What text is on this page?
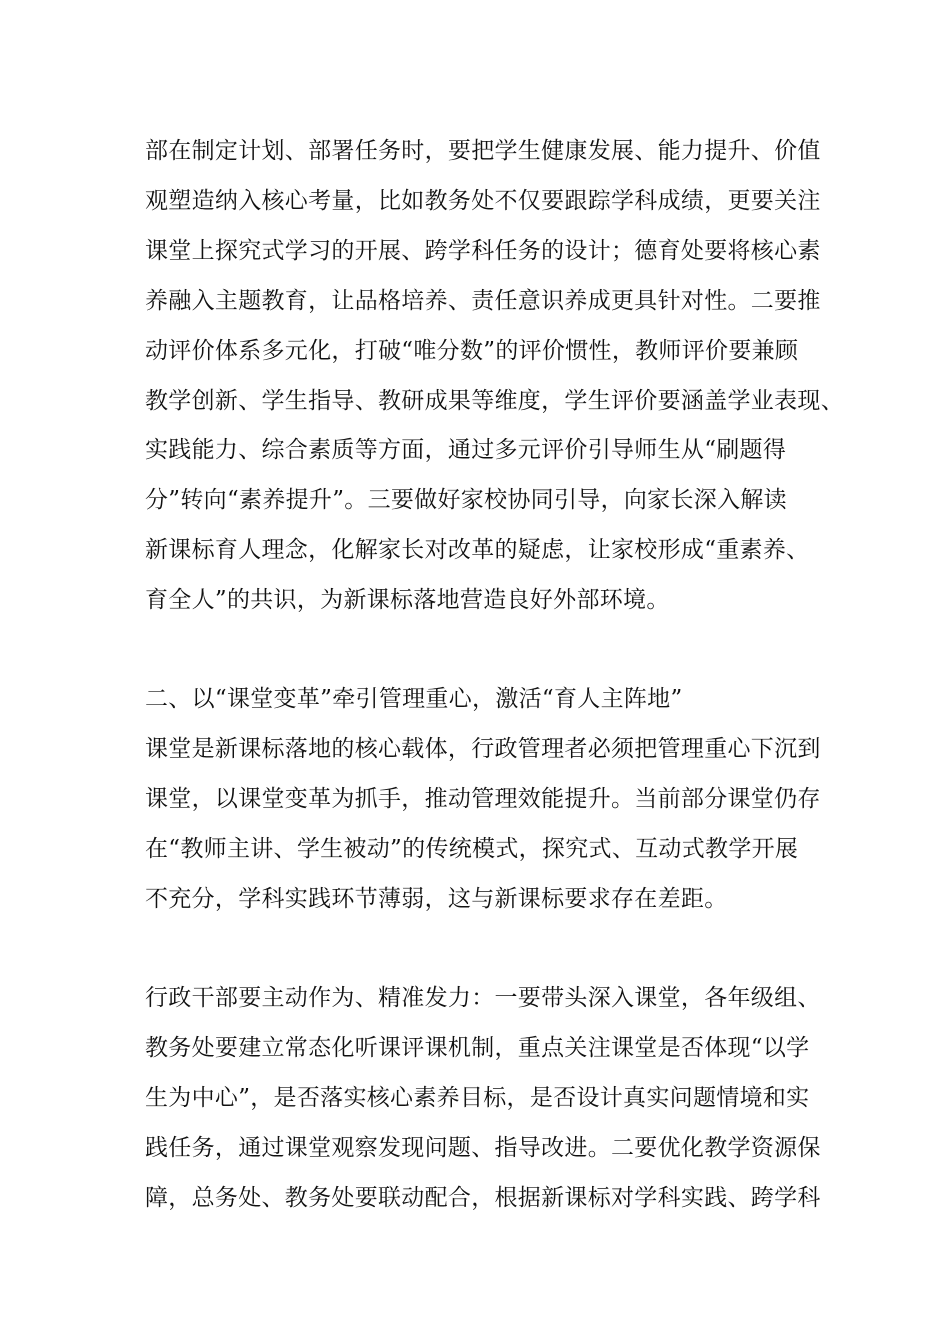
部在制定计划、部署任务时，要把学生健康发展、能力提升、价值
观塑造纳入核心考量，比如教务处不仅要跟踪学科成绩，更要关注
课堂上探究式学习的开展、跨学科任务的设计；德育处要将核心素
养融入主题教育，让品格培养、责任意识养成更具针对性。二要推
动评价体系多元化，打破“唯分数”的评价惯性，教师评价要兼顾
教学创新、学生指导、教研成果等维度，学生评价要涵盖学业表现、
实践能力、综合素质等方面，通过多元评价引导师生从“刷题得
分”转向“素养提升”。三要做好家校协同引导，向家长深入解读
新课标育人理念，化解家长对改革的疑虑，让家校形成“重素养、
育全人”的共识，为新课标落地营造良好外部环境。
二、以“课堂变革”牵引管理重心，激活“育人主阵地”
课堂是新课标落地的核心载体，行政管理者必须把管理重心下沉到
课堂，以课堂变革为抓手，推动管理效能提升。当前部分课堂仍存
在“教师主讲、学生被动”的传统模式，探究式、互动式教学开展
不充分，学科实践环节薄弱，这与新课标要求存在差距。
行政干部要主动作为、精准发力：一要带头深入课堂，各年级组、
教务处要建立常态化听课评课机制，重点关注课堂是否体现“以学
生为中心”，是否落实核心素养目标，是否设计真实问题情境和实
践任务，通过课堂观察发现问题、指导改进。二要优化教学资源保
障，总务处、教务处要联动配合，根据新课标对学科实践、跨学科
